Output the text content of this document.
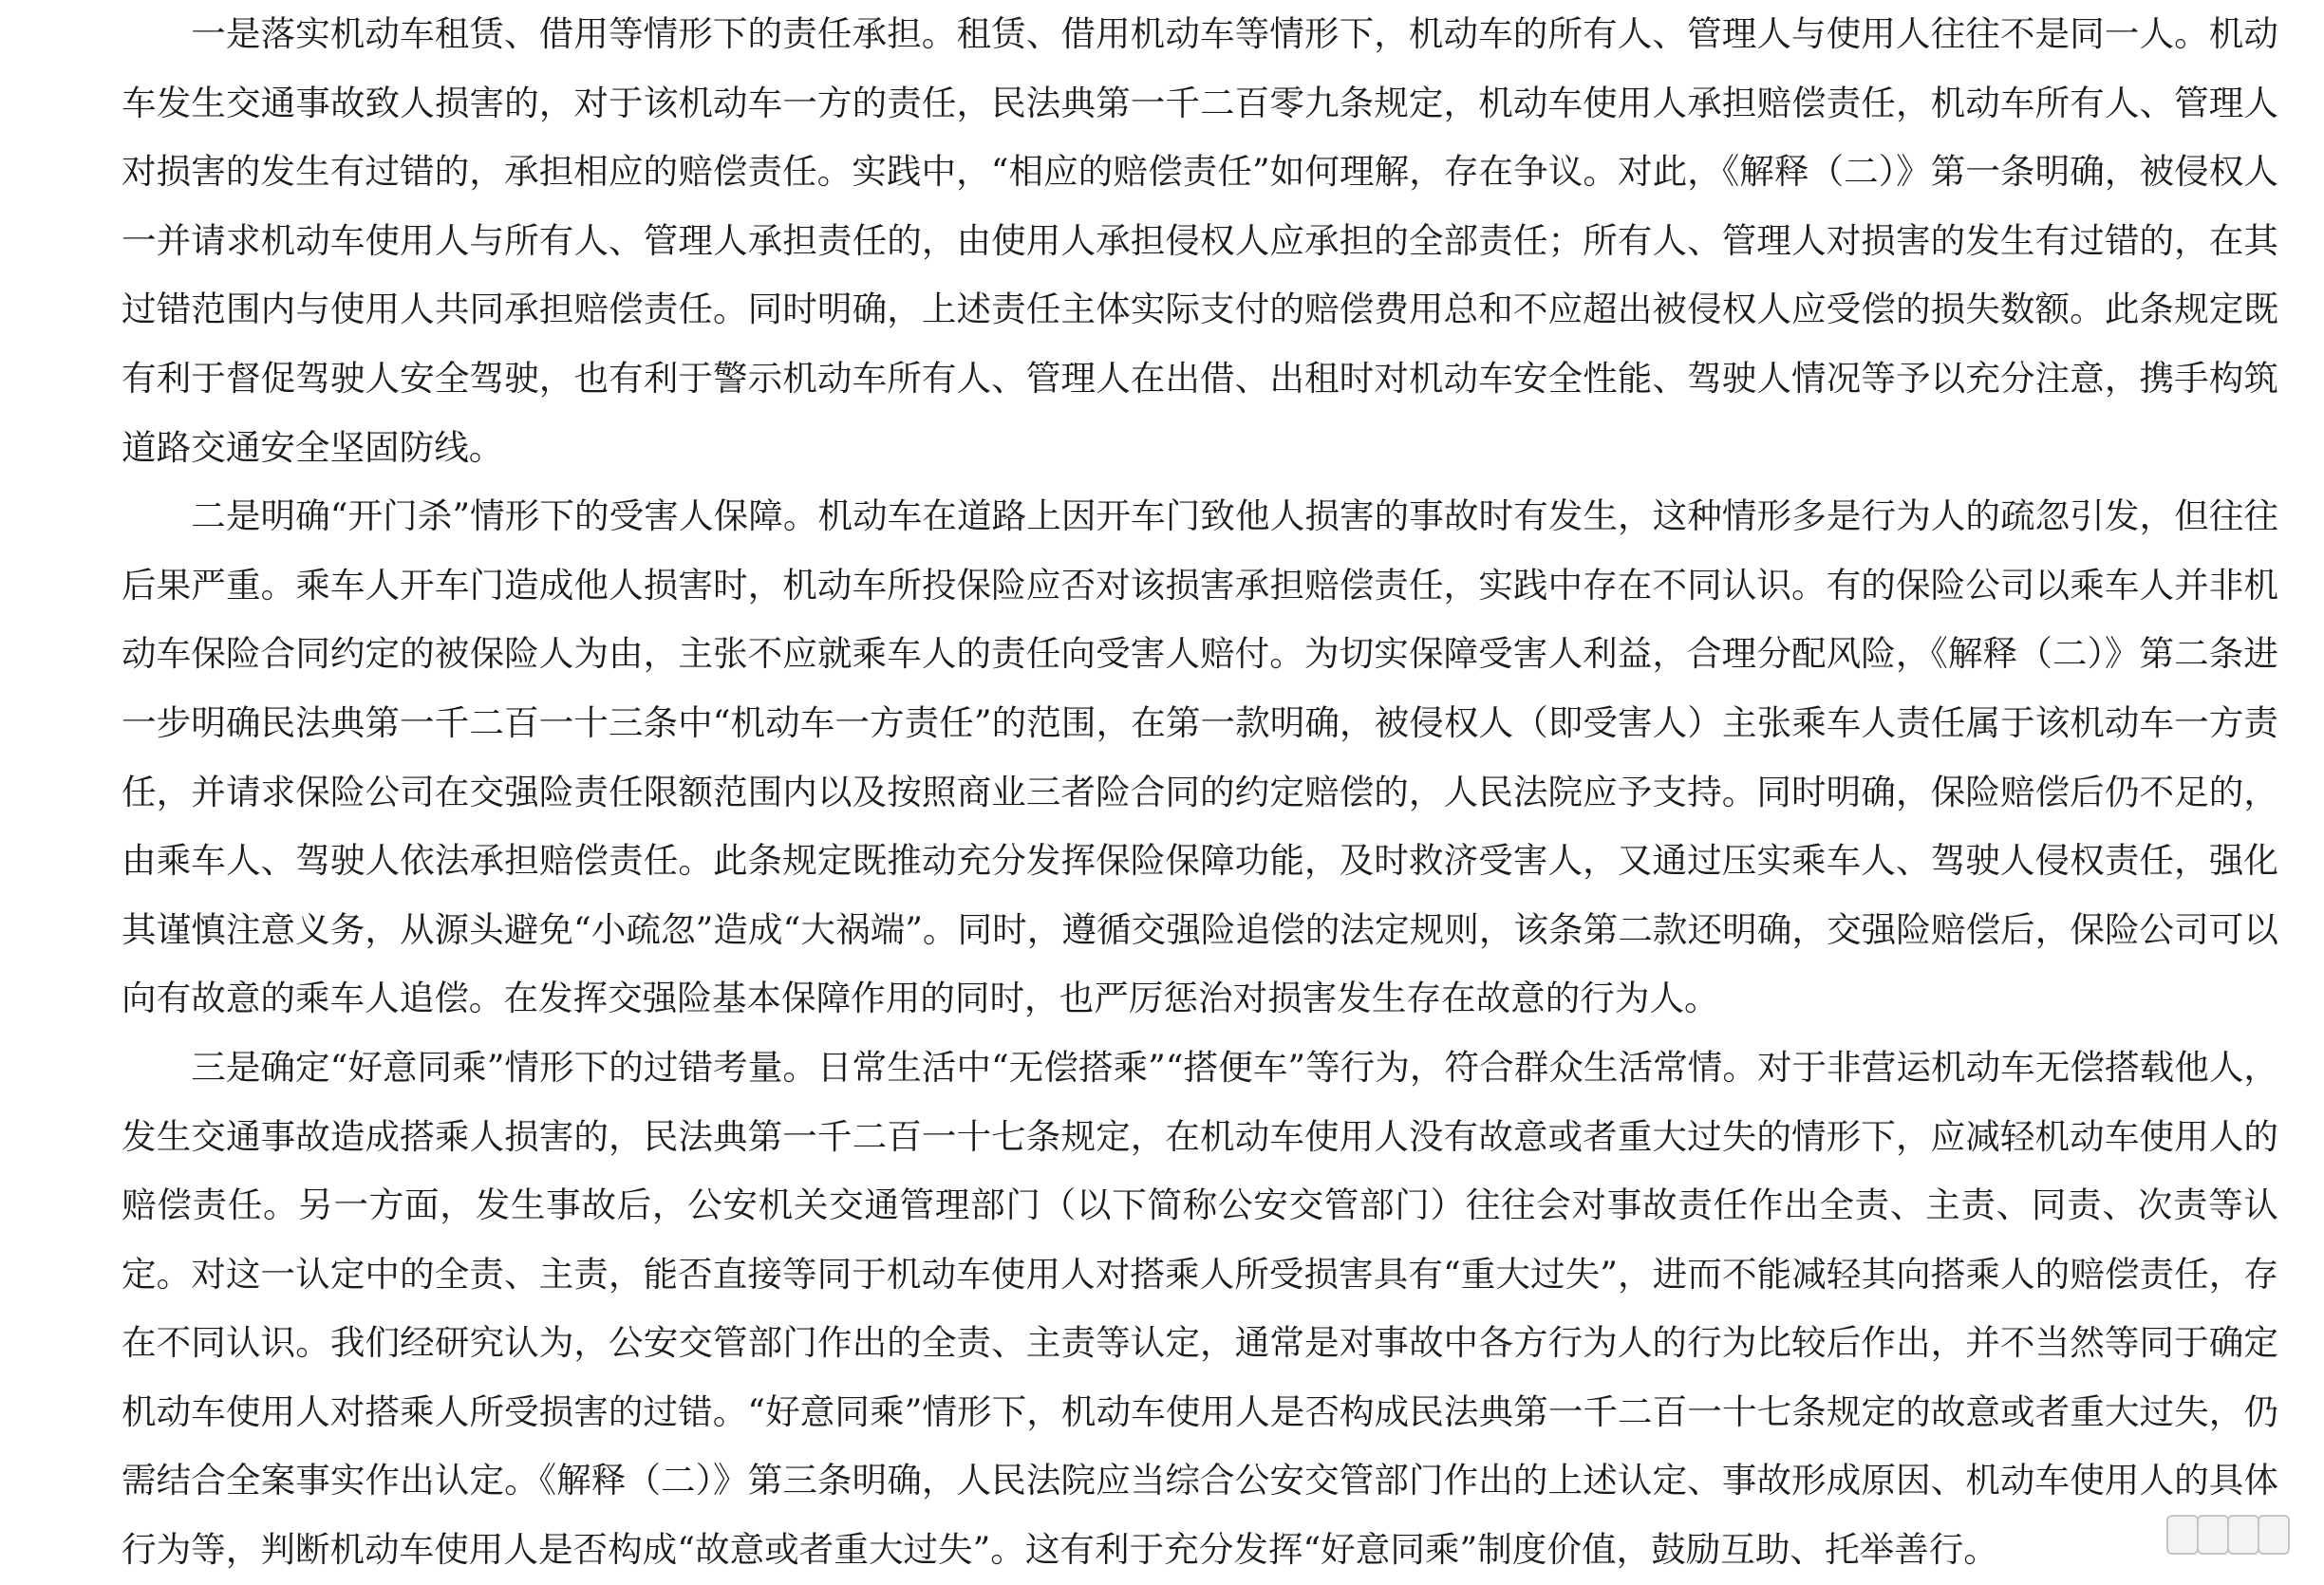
一是落实机动车租赁、借用等情形下的责任承担。租赁、借用机动车等情形下，机动车的所有人、管理人与使用人往往不是同一人。机动车发生交通事故致人损害的，对于该机动车一方的责任，民法典第一千二百零九条规定，机动车使用人承担赔偿责任，机动车所有人、管理人对损害的发生有过错的，承担相应的赔偿责任。实践中，“相应的赔偿责任”如何理解，存在争议。对此，《解释（二）》第一条明确，被侵权人一并请求机动车使用人与所有人、管理人承担责任的，由使用人承担侵权人应承担的全部责任；所有人、管理人对损害的发生有过错的，在其过错范围内与使用人共同承担赔偿责任。同时明确，上述责任主体实际支付的赔偿费用总和不应超出被侵权人应受偿的损失数额。此条规定既有利于督促驾驶人安全驾驶，也有利于警示机动车所有人、管理人在出借、出租时对机动车安全性能、驾驶人情况等予以充分注意，携手构筑道路交通安全坚固防线。

二是明确“开门杀”情形下的受害人保障。机动车在道路上因开车门致他人损害的事故时有发生，这种情形多是行为人的疏忽引发，但往往后果严重。乘车人开车门造成他人损害时，机动车所投保险应否对该损害承担赔偿责任，实践中存在不同认识。有的保险公司以乘车人并非机动车保险合同约定的被保险人为由，主张不应就乘车人的责任向受害人赔付。为切实保障受害人利益，合理分配风险，《解释（二）》第二条进一步明确民法典第一千二百一十三条中“机动车一方责任”的范围，在第一款明确，被侵权人（即受害人）主张乘车人责任属于该机动车一方责任，并请求保险公司在交强险责任限额范围内以及按照商业三者险合同的约定赔偿的，人民法院应予支持。同时明确，保险赔偿后仍不足的，由乘车人、驾驶人依法承担赔偿责任。此条规定既推动充分发挥保险保障功能，及时救济受害人，又通过压实乘车人、驾驶人侵权责任，强化其谨慎注意义务，从源头避免“小疏忽”造成“大祸端”。同时，遵循交强险追偿的法定规则，该条第二款还明确，交强险赔偿后，保险公司可以向有故意的乘车人追偿。在发挥交强险基本保障作用的同时，也严厉惩治对损害发生存在故意的行为人。

三是确定“好意同乘”情形下的过错考量。日常生活中“无偿搭乘”“搭便车”等行为，符合群众生活常情。对于非营运机动车无偿搭载他人，发生交通事故造成搭乘人损害的，民法典第一千二百一十七条规定，在机动车使用人没有故意或者重大过失的情形下，应减轻机动车使用人的赔偿责任。另一方面，发生事故后，公安机关交通管理部门（以下简称公安交管部门）往往会对事故责任作出全责、主责、同责、次责等认定。对这一认定中的全责、主责，能否直接等同于机动车使用人对搭乘人所受损害具有“重大过失”，进而不能减轻其向搭乘人的赔偿责任，存在不同认识。我们经研究认为，公安交管部门作出的全责、主责等认定，通常是对事故中各方行为人的行为比较后作出，并不当然等同于确定机动车使用人对搭乘人所受损害的过错。“好意同乘”情形下，机动车使用人是否构成民法典第一千二百一十七条规定的故意或者重大过失，仍需结合全案事实作出认定。《解释（二）》第三条明确，人民法院应当综合公安交管部门作出的上述认定、事故形成原因、机动车使用人的具体行为等，判断机动车使用人是否构成“故意或者重大过失”。这有利于充分发挥“好意同乘”制度价值，鼓励互助、托举善行。
